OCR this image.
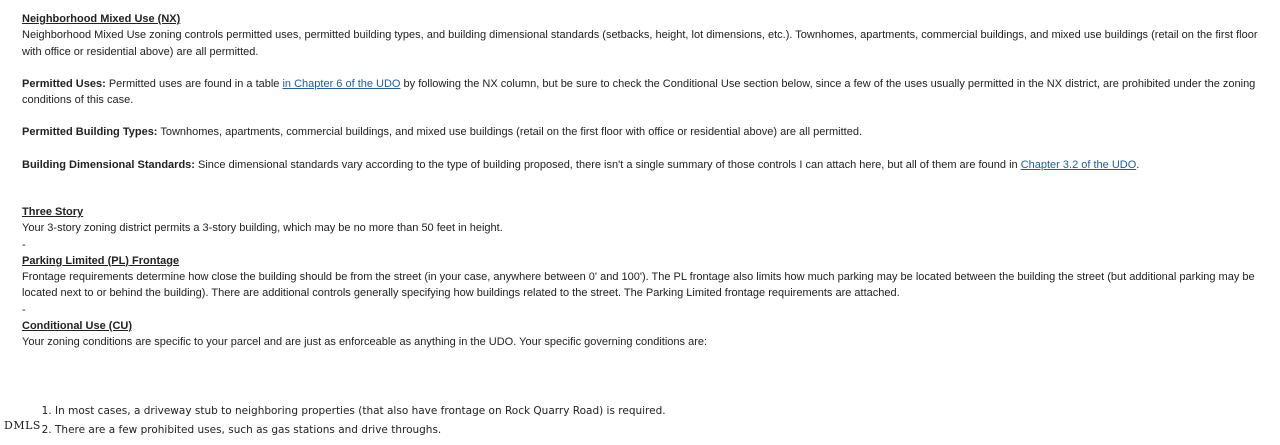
Neighborhood Mixed Use (NX)

Neighborhood Mixed Use zoning controls permitted uses, permitted building types, and building dimensional standards (setbacks, height, lot dimensions, etc.). Townhomes, apartments, commercial buildings, and mixed use buildings (retail on the first floor with office or residential above) are all permitted.

Permitted Uses: Permitted uses are found in a table in Chapter 6 of the UDO by following the NX column, but be sure to check the Conditional Use section below, since a few of the uses usually permitted in the NX district, are prohibited under the zoning conditions of this case.

Permitted Building Types: Townhomes, apartments, commercial buildings, and mixed use buildings (retail on the first floor with office or residential above) are all permitted.

Building Dimensional Standards: Since dimensional standards vary according to the type of building proposed, there isn't a single summary of those controls I can attach here, but all of them are found in Chapter 3.2 of the UDO.

Three Story

Your 3-story zoning district permits a 3-story building, which may be no more than 50 feet in height.

-

Parking Limited (PL) Frontage

Frontage requirements determine how close the building should be from the street (in your case, anywhere between 0' and 100'). The PL frontage also limits how much parking may be located between the building the street (but additional parking may be located next to or behind the building). There are additional controls generally specifying how buildings related to the street. The Parking Limited frontage requirements are attached.

-

Conditional Use (CU)

Your zoning conditions are specific to your parcel and are just as enforceable as anything in the UDO. Your specific governing conditions are:

1. In most cases, a driveway stub to neighboring properties (that also have frontage on Rock Quarry Road) is required.
2. There are a few prohibited uses, such as gas stations and drive throughs.
DMLS
